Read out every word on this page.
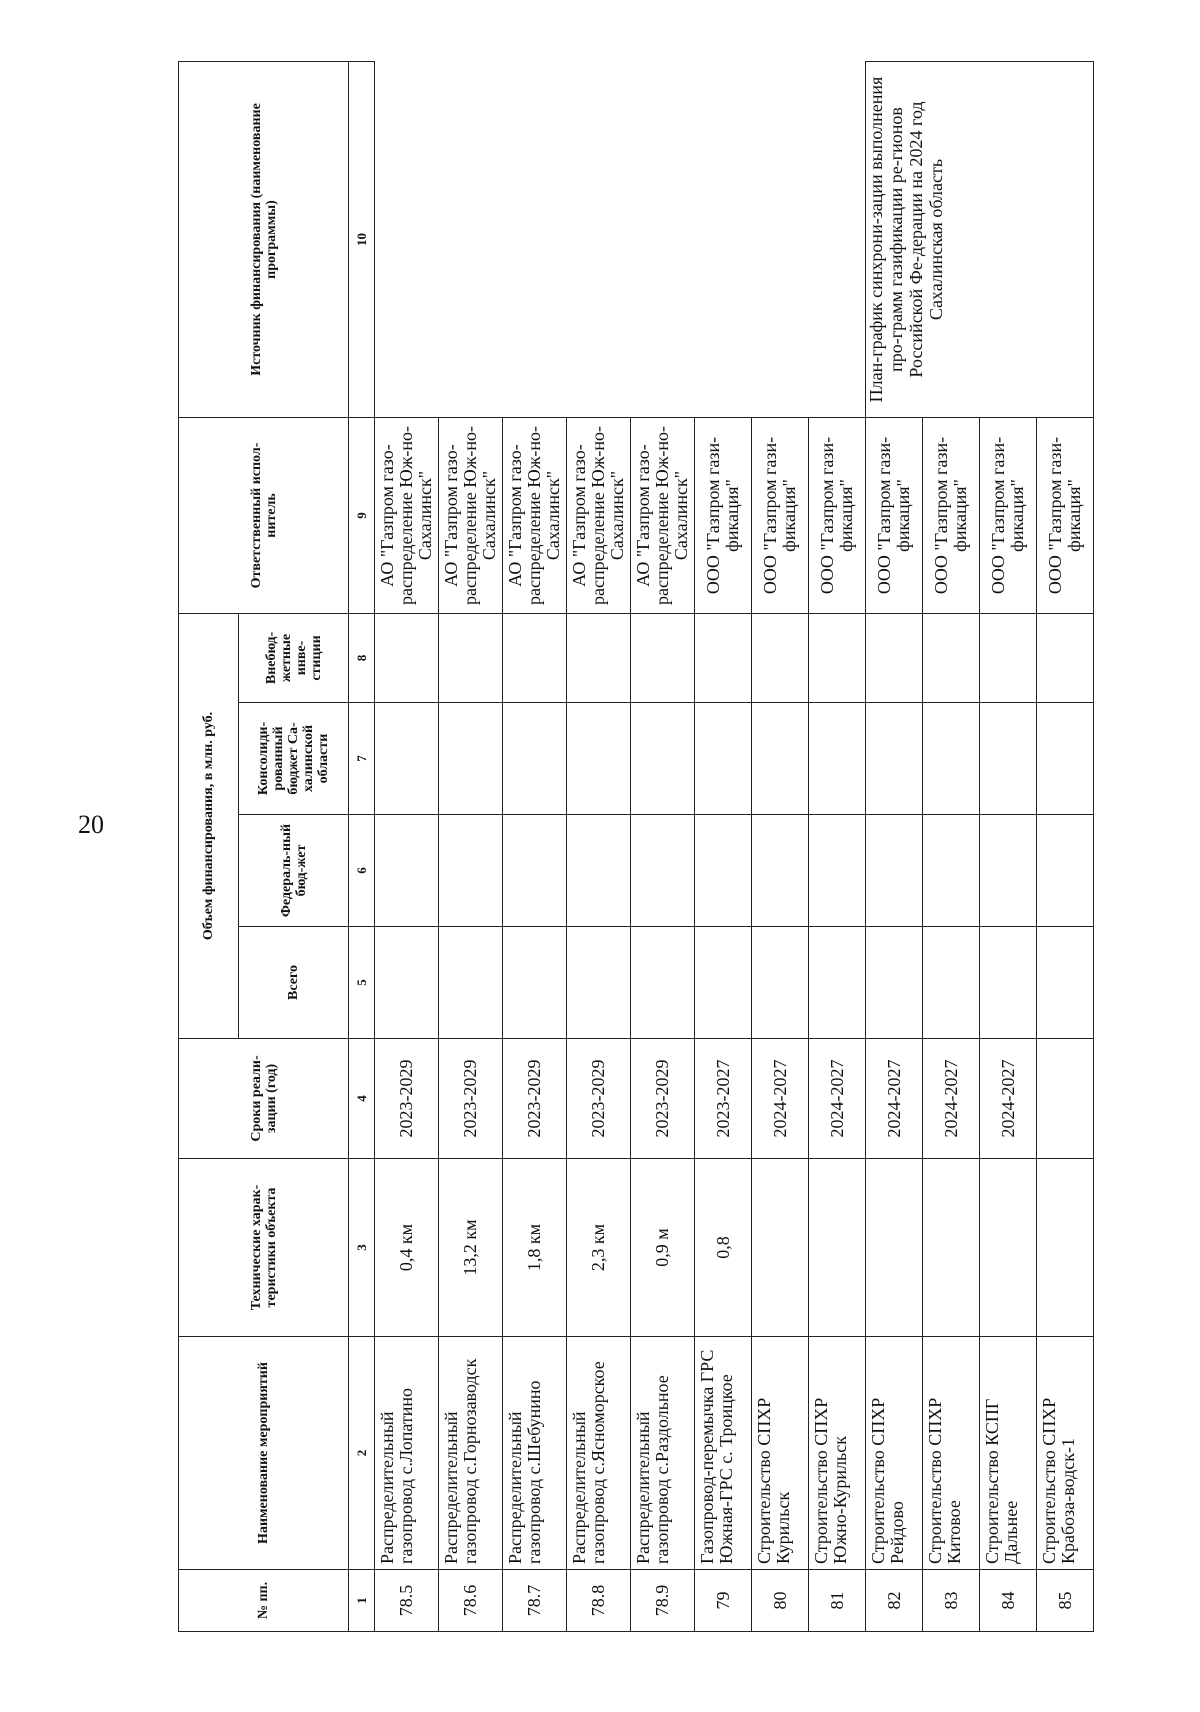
20
№ пп.	Наименование мероприятий	Технические харак-теристики объекта	Сроки реали-зации (год)	Объем финансирования, в млн. руб.				Ответственный испол-нитель	Источник финансирования (наименование программы)
				Всего	Федераль-ный бюд-жет	Консолиди-рованный бюджет Са-халинской области	Внебюд-жетные инве-стиции		
1	2	3	4	5	6	7	8	9	10
78.5	Распределительный газопровод с.Лопатино	0,4 км	2023-2029					АО "Газпром газо-распределение Юж-но-Сахалинск"	
78.6	Распределительный газопровод с.Горнозаводск	13,2 км	2023-2029					АО "Газпром газо-распределение Юж-но-Сахалинск"	
78.7	Распределительный газопровод с.Шебунино	1,8 км	2023-2029					АО "Газпром газо-распределение Юж-но-Сахалинск"	
78.8	Распределительный газопровод с.Ясноморское	2,3 км	2023-2029					АО "Газпром газо-распределение Юж-но-Сахалинск"	
78.9	Распределительный газопровод с.Раздольное	0,9 м	2023-2029					АО "Газпром газо-распределение Юж-но-Сахалинск"	
79	Газопровод-перемычка ГРС Южная-ГРС с. Троицкое	0,8	2023-2027					ООО "Газпром гази-фикация"	
80	Строительство СПХР Курильск		2024-2027					ООО "Газпром гази-фикация"	
81	Строительство СПХР Южно-Курильск		2024-2027					ООО "Газпром гази-фикация"	
82	Строительство СПХР Рейдово		2024-2027					ООО "Газпром гази-фикация"	План-график синхрони-зации выполнения про-грамм газификации ре-гионов Российской Фе-дерации на 2024 год Сахалинская область
83	Строительство СПХР Китовое		2024-2027					ООО "Газпром гази-фикация"	
84	Строительство КСПГ Дальнее		2024-2027					ООО "Газпром гази-фикация"	
85	Строительство СПХР Крабоза-водск-1							ООО "Газпром гази-фикация"	
